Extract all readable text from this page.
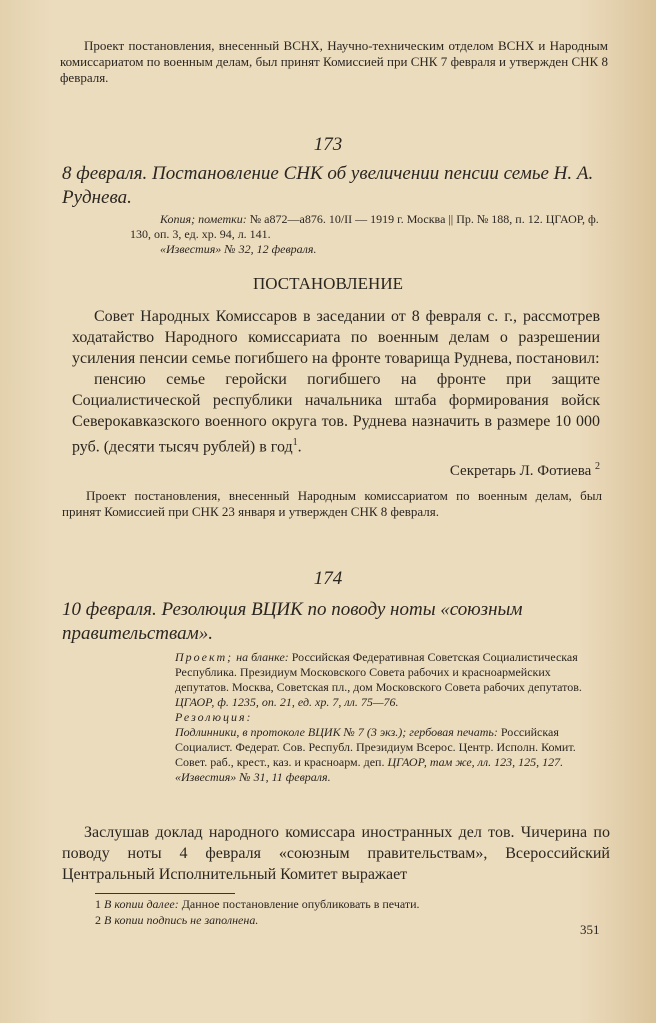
Проект постановления, внесенный ВСНХ, Научно-техническим отделом ВСНХ и Народным комиссариатом по военным делам, был принят Комиссией при СНК 7 февраля и утвержден СНК 8 февраля.

173

8 февраля. Постановление СНК об увеличении пенсии семье Н. А. Руднева.

Копия; пометки: № а872—а876. 10/II — 1919 г. Москва || Пр. № 188, п. 12. ЦГАОР, ф. 130, оп. 3, ед. хр. 94, л. 141.

«Известия» № 32, 12 февраля.

ПОСТАНОВЛЕНИЕ

Совет Народных Комиссаров в заседании от 8 февраля с. г., рассмотрев ходатайство Народного комиссариата по военным делам о разрешении усиления пенсии семье погибшего на фронте товарища Руднева, постановил:

пенсию семье геройски погибшего на фронте при защите Социалистической республики начальника штаба формирования войск Северокавказского военного округа тов. Руднева назначить в размере 10 000 руб. (десяти тысяч рублей) в год$^1$.

Секретарь Л. Фотиева $^2$

Проект постановления, внесенный Народным комиссариатом по военным делам, был принят Комиссией при СНК 23 января и утвержден СНК 8 февраля.

174

10 февраля. Резолюция ВЦИК по поводу ноты «союзным правительствам».

Проект; на бланке: Российская Федеративная Советская Социалистическая Республика. Президиум Московского Совета рабочих и красноармейских депутатов. Москва, Советская пл., дом Московского Совета рабочих депутатов. ЦГАОР, ф. 1235, оп. 21, ед. хр. 7, лл. 75—76.

Резолюция:
Подлинники, в протоколе ВЦИК № 7 (3 экз.); гербовая печать: Российская Социалист. Федерат. Сов. Республ. Президиум Всерос. Центр. Исполн. Комит. Совет. раб., крест., каз. и красноарм. деп. ЦГАОР, там же, лл. 123, 125, 127.

«Известия» № 31, 11 февраля.

Заслушав доклад народного комиссара иностранных дел тов. Чичерина по поводу ноты 4 февраля «союзным правительствам», Всероссийский Центральный Исполнительный Комитет выражает

1 В копии далее: Данное постановление опубликовать в печати.

2 В копии подпись не заполнена.

351
